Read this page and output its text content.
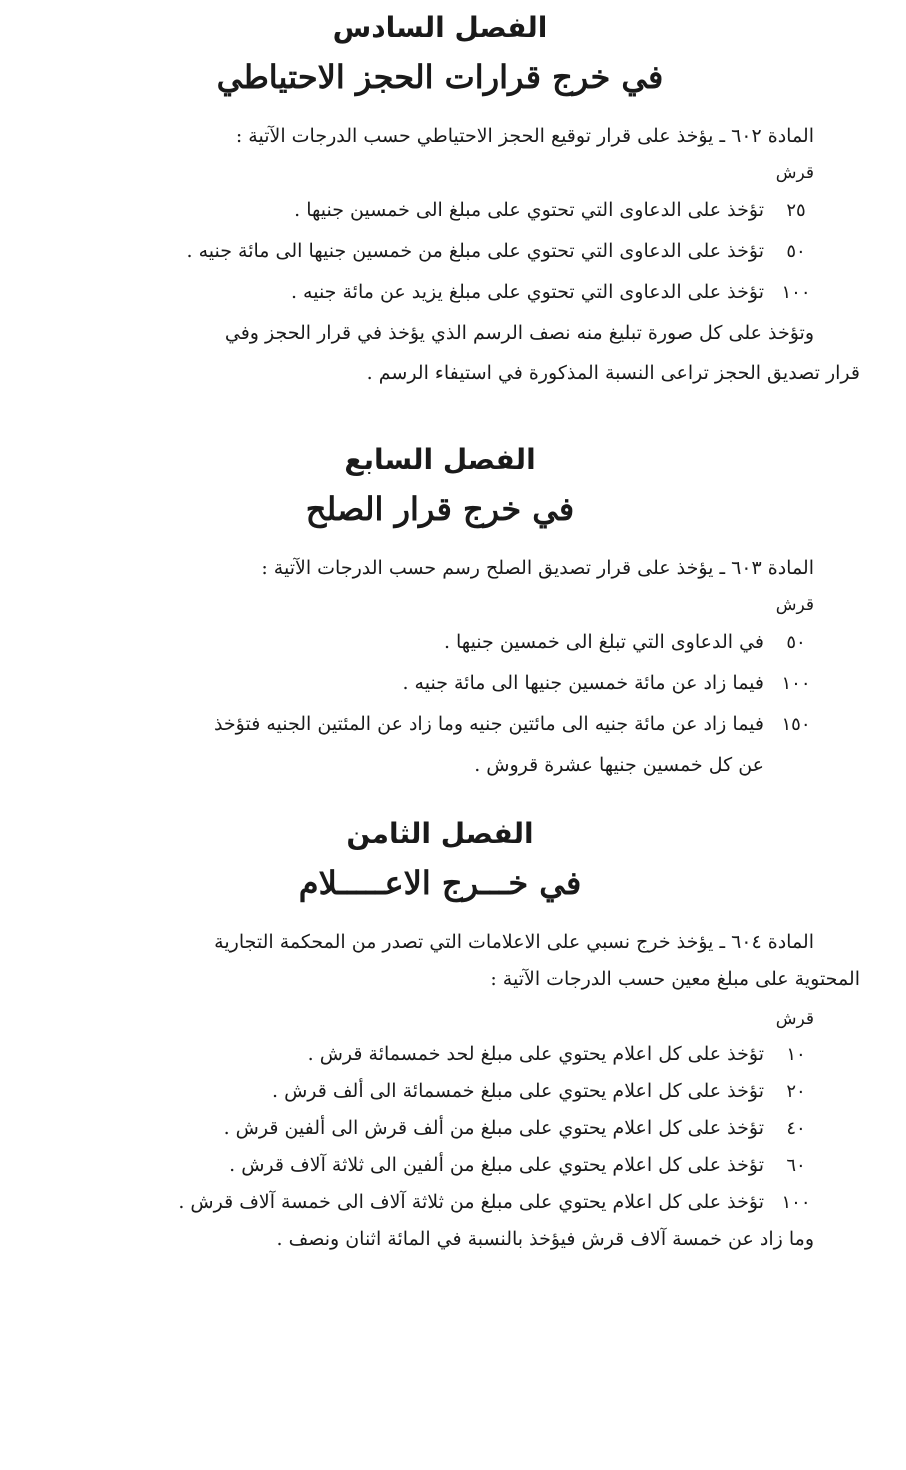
الفصل السادس
في خرج قرارات الحجز الاحتياطي

المادة ٦٠٢ ـ يؤخذ على قرار توقيع الحجز الاحتياطي حسب الدرجات الآتية :

قرش

٢٥
تؤخذ على الدعاوى التي تحتوي على مبلغ الى خمسين جنيها .
٥٠
تؤخذ على الدعاوى التي تحتوي على مبلغ من خمسين جنيها الى مائة جنيه .
١٠٠
تؤخذ على الدعاوى التي تحتوي على مبلغ يزيد عن مائة جنيه .

وتؤخذ على كل صورة تبليغ منه نصف الرسم الذي يؤخذ في قرار الحجز وفي

قرار تصديق الحجز تراعى النسبة المذكورة في استيفاء الرسم .

الفصل السابع
في خرج قرار الصلح

المادة ٦٠٣ ـ يؤخذ على قرار تصديق الصلح رسم حسب الدرجات الآتية :

قرش

٥٠
في الدعاوى التي تبلغ الى خمسين جنيها .
١٠٠
فيما زاد عن مائة خمسين جنيها الى مائة جنيه .
١٥٠
فيما زاد عن مائة جنيه الى مائتين جنيه وما زاد عن المئتين الجنيه فتؤخذ

عن كل خمسين جنيها عشرة قروش .

الفصل الثامن
في خـــرج الاعـــــلام

المادة ٦٠٤ ـ يؤخذ خرج نسبي على الاعلامات التي تصدر من المحكمة التجارية

المحتوية على مبلغ معين حسب الدرجات الآتية :

قرش

١٠
تؤخذ على كل اعلام يحتوي على مبلغ لحد خمسمائة قرش .
٢٠
تؤخذ على كل اعلام يحتوي على مبلغ خمسمائة الى ألف قرش .
٤٠
تؤخذ على كل اعلام يحتوي على مبلغ من ألف قرش الى ألفين قرش .
٦٠
تؤخذ على كل اعلام يحتوي على مبلغ من ألفين الى ثلاثة آلاف قرش .
١٠٠
تؤخذ على كل اعلام يحتوي على مبلغ من ثلاثة آلاف الى خمسة آلاف قرش .

وما زاد عن خمسة آلاف قرش فيؤخذ بالنسبة في المائة اثنان ونصف .
